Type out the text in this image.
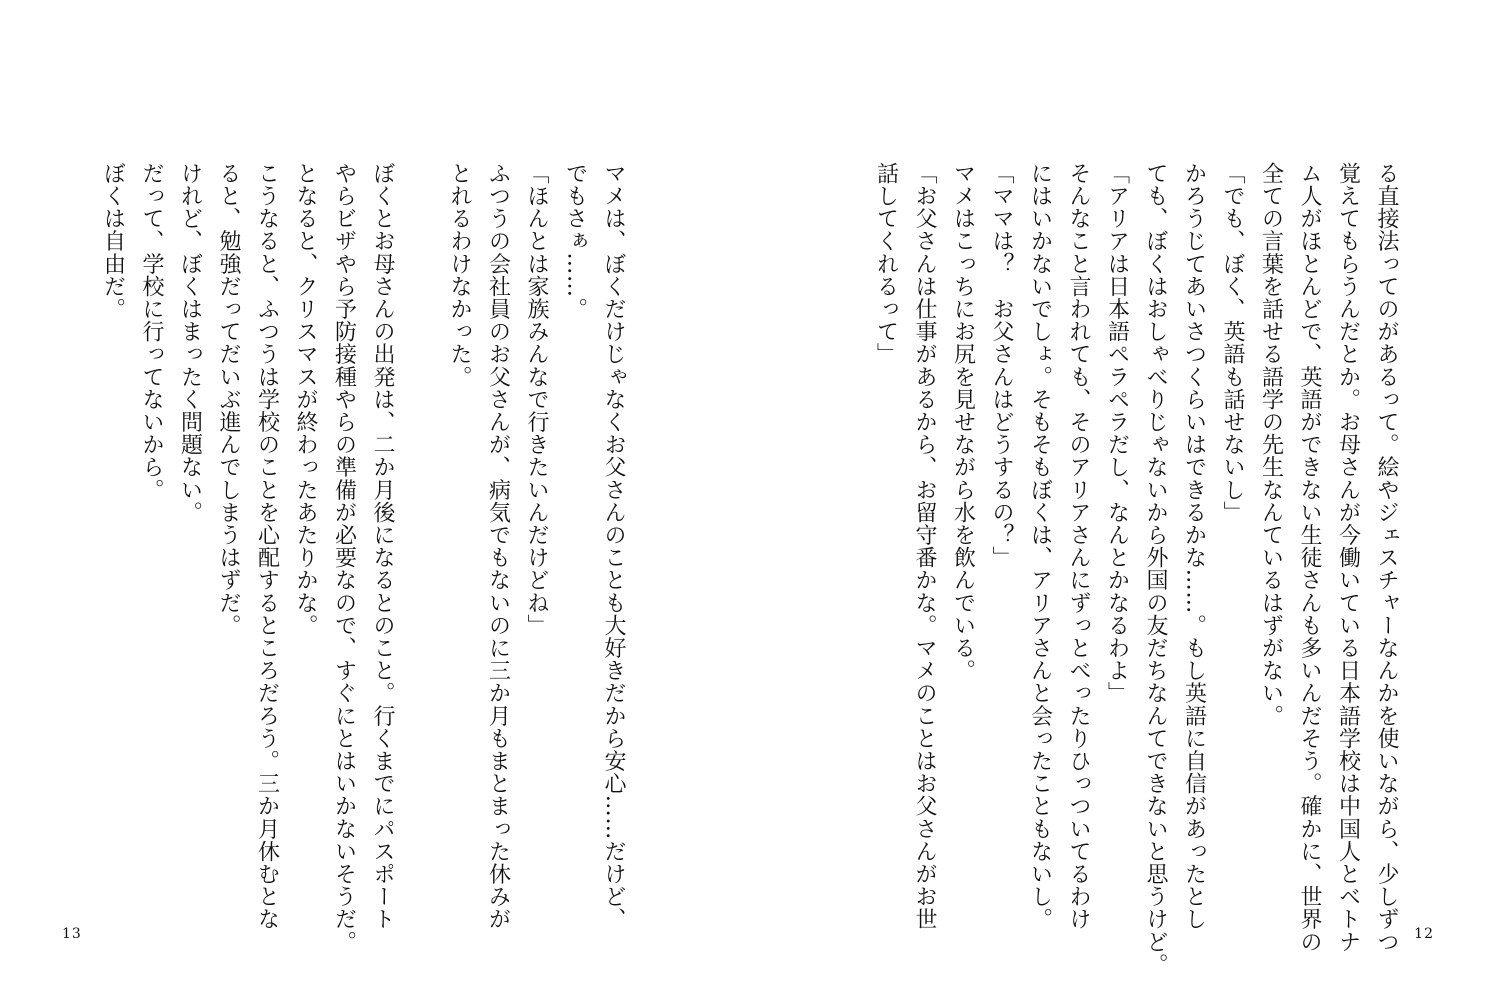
る直接法ってのがあるって。絵やジェスチャーなんかを使いながら、少しずつ
覚えてもらうんだとか。お母さんが今働いている日本語学校は中国人とベトナ
ム人がほとんどで、英語ができない生徒さんも多いんだそう。確かに、世界の
全ての言葉を話せる語学の先生なんているはずがない。
「でも、ぼく、英語も話せないし」
かろうじてあいさつくらいはできるかな……。もし英語に自信があったとし
ても、ぼくはおしゃべりじゃないから外国の友だちなんてできないと思うけど。
「アリアは日本語ペラペラだし、なんとかなるわよ」
そんなこと言われても、そのアリアさんにずっとべったりひっついてるわけ
にはいかないでしょ。そもそもぼくは、アリアさんと会ったこともないし。
「ママは？　お父さんはどうするの？」
マメはこっちにお尻を見せながら水を飲んでいる。
「お父さんは仕事があるから、お留守番かな。マメのことはお父さんがお世
話してくれるって」
12
マメは、ぼくだけじゃなくお父さんのことも大好きだから安心……だけど、
でもさぁ……。
「ほんとは家族みんなで行きたいんだけどね」
ふつうの会社員のお父さんが、病気でもないのに三か月もまとまった休みが
とれるわけなかった。
ぼくとお母さんの出発は、二か月後になるとのこと。行くまでにパスポート
やらビザやら予防接種やらの準備が必要なので、すぐにとはいかないそうだ。
となると、クリスマスが終わったあたりかな。
こうなると、ふつうは学校のことを心配するところだろう。三か月休むとな
ると、勉強だってだいぶ進んでしまうはずだ。
けれど、ぼくはまったく問題ない。
だって、学校に行ってないから。
ぼくは自由だ。
13
